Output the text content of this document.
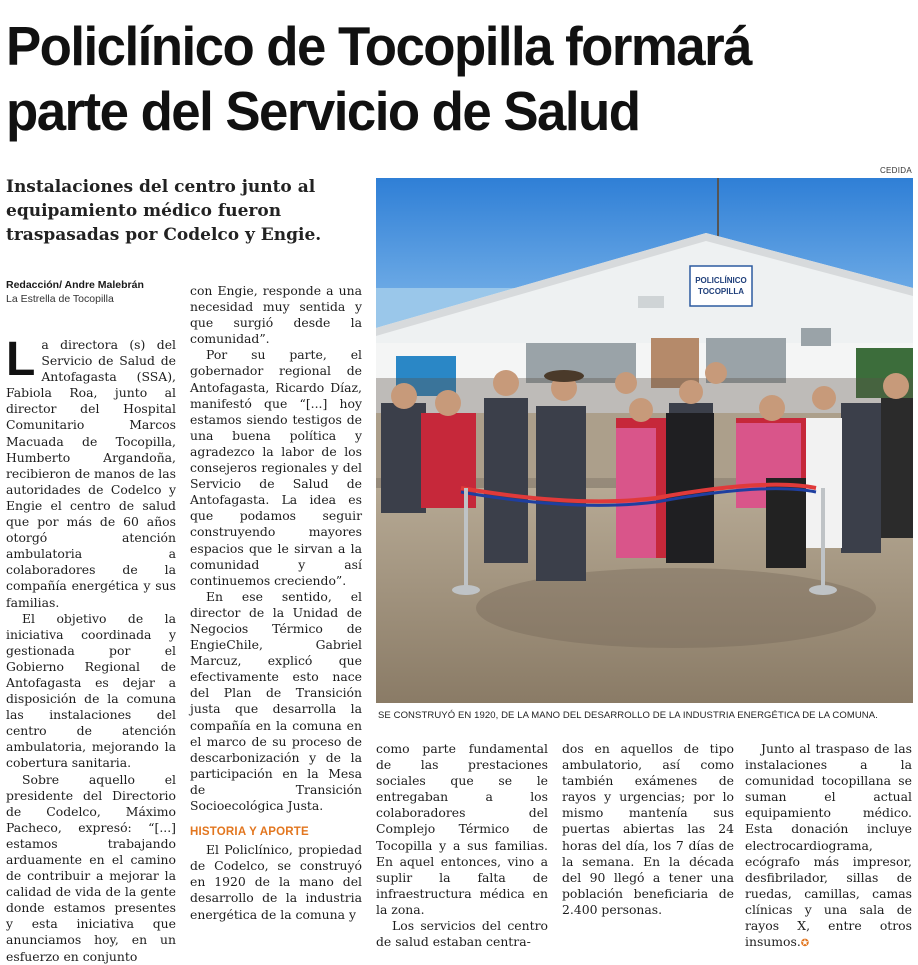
Policlínico de Tocopilla formará
parte del Servicio de Salud
Instalaciones del centro junto al equipamiento médico fueron traspasadas por Codelco y Engie.
CEDIDA
Redacción/ Andre Malebrán
La Estrella de Tocopilla

La directora (s) del Servicio de Salud de Antofagasta (SSA), Fabiola Roa, junto al director del Hospital Comunitario Marcos Macuada de Tocopilla, Humberto Argandoña, recibieron de manos de las autoridades de Codelco y Engie el centro de salud que por más de 60 años otorgó atención ambulatoria a colaboradores de la compañía energética y sus familias.

El objetivo de la iniciativa coordinada y gestionada por el Gobierno Regional de Antofagasta es dejar a disposición de la comuna las instalaciones del centro de atención ambulatoria, mejorando la cobertura sanitaria.

Sobre aquello el presidente del Directorio de Codelco, Máximo Pacheco, expresó: “[...] estamos trabajando arduamente en el camino de contribuir a mejorar la calidad de vida de la gente donde estamos presentes y esta iniciativa que anunciamos hoy, en un esfuerzo en conjunto

con Engie, responde a una necesidad muy sentida y que surgió desde la comunidad”.

Por su parte, el gobernador regional de Antofagasta, Ricardo Díaz, manifestó que “[...] hoy estamos siendo testigos de una buena política y agradezco la labor de los consejeros regionales y del Servicio de Salud de Antofagasta. La idea es que podamos seguir construyendo mayores espacios que le sirvan a la comunidad y así continuemos creciendo”.

En ese sentido, el director de la Unidad de Negocios Térmico de EngieChile, Gabriel Marcuz, explicó que efectivamente esto nace del Plan de Transición justa que desarrolla la compañía en la comuna en el marco de su proceso de descarbonización y de la participación en la Mesa de Transición Socioecológica Justa.

HISTORIA Y APORTE

El Policlínico, propiedad de Codelco, se construyó en 1920 de la mano del desarrollo de la industria energética de la comuna y

POLICLÍNICO
TOCOPILLA
SE CONSTRUYÓ EN 1920, DE LA MANO DEL DESARROLLO DE LA INDUSTRIA ENERGÉTICA DE LA COMUNA.

como parte fundamental de las prestaciones sociales que se le entregaban a los colaboradores del Complejo Térmico de Tocopilla y a sus familias. En aquel entonces, vino a suplir la falta de infraestructura médica en la zona.

Los servicios del centro de salud estaban centra-

dos en aquellos de tipo ambulatorio, así como también exámenes de rayos y urgencias; por lo mismo mantenía sus puertas abiertas las 24 horas del día, los 7 días de la semana. En la década del 90 llegó a tener una población beneficiaria de 2.400 personas.

Junto al traspaso de las instalaciones a la comunidad tocopillana se suman el actual equipamiento médico. Esta donación incluye electrocardiograma, ecógrafo más impresor, desfibrilador, sillas de ruedas, camillas, camas clínicas y una sala de rayos X, entre otros insumos.✪
